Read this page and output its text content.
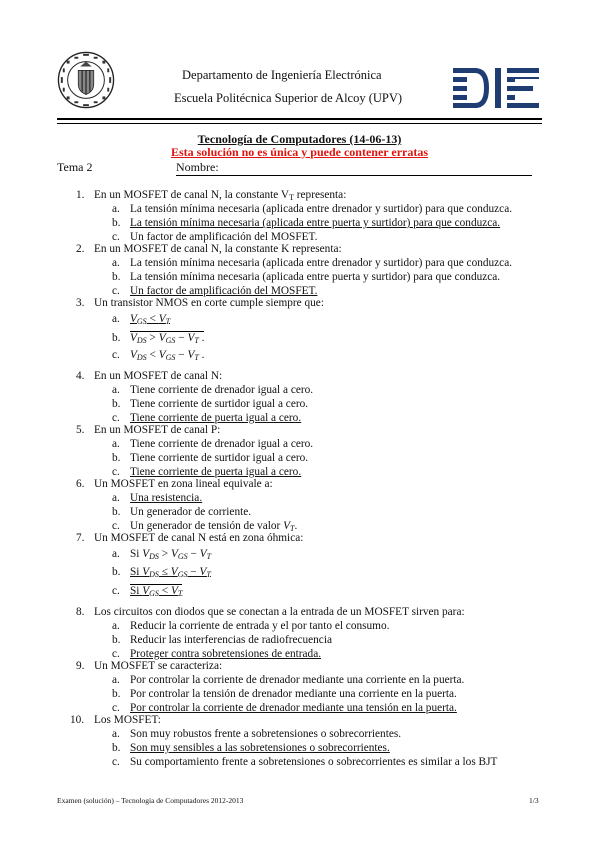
Departamento de Ingeniería Electrónica
Escuela Politécnica Superior de Alcoy (UPV)
Tecnología de Computadores (14-06-13)
Esta solución no es única y puede contener erratas
Tema 2	Nombre:
1. En un MOSFET de canal N, la constante $V_T$ representa:
a. La tensión mínima necesaria (aplicada entre drenador y surtidor) para que conduzca.
b. La tensión mínima necesaria (aplicada entre puerta y surtidor) para que conduzca.
c. Un factor de amplificación del MOSFET.
2. En un MOSFET de canal N, la constante K representa:
a. La tensión mínima necesaria (aplicada entre drenador y surtidor) para que conduzca.
b. La tensión mínima necesaria (aplicada entre puerta y surtidor) para que conduzca.
c. Un factor de amplificación del MOSFET.
3. Un transistor NMOS en corte cumple siempre que:
a. $V_{GS} < V_T$
b. $V_{DS} > V_{GS} - V_T$ .
c. $V_{DS} < V_{GS} - V_T$ .
4. En un MOSFET de canal N:
a. Tiene corriente de drenador igual a cero.
b. Tiene corriente de surtidor igual a cero.
c. Tiene corriente de puerta igual a cero.
5. En un MOSFET de canal P:
a. Tiene corriente de drenador igual a cero.
b. Tiene corriente de surtidor igual a cero.
c. Tiene corriente de puerta igual a cero.
6. Un MOSFET en zona lineal equivale a:
a. Una resistencia.
b. Un generador de corriente.
c. Un generador de tensión de valor $V_T$.
7. Un MOSFET de canal N está en zona óhmica:
a. Si $V_{DS} > V_{GS} - V_T$
b. Si $V_{DS} \le V_{GS} - V_T$
c. Si $V_{GS} < V_T$
8. Los circuitos con diodos que se conectan a la entrada de un MOSFET sirven para:
a. Reducir la corriente de entrada y el por tanto el consumo.
b. Reducir las interferencias de radiofrecuencia
c. Proteger contra sobretensiones de entrada.
9. Un MOSFET se caracteriza:
a. Por controlar la corriente de drenador mediante una corriente en la puerta.
b. Por controlar la tensión de drenador mediante una corriente en la puerta.
c. Por controlar la corriente de drenador mediante una tensión en la puerta.
10. Los MOSFET:
a. Son muy robustos frente a sobretensiones o sobrecorrientes.
b. Son muy sensibles a las sobretensiones o sobrecorrientes.
c. Su comportamiento frente a sobretensiones o sobrecorrientes es similar a los BJT
Examen (solución) – Tecnología de Computadores 2012-2013	1/3
